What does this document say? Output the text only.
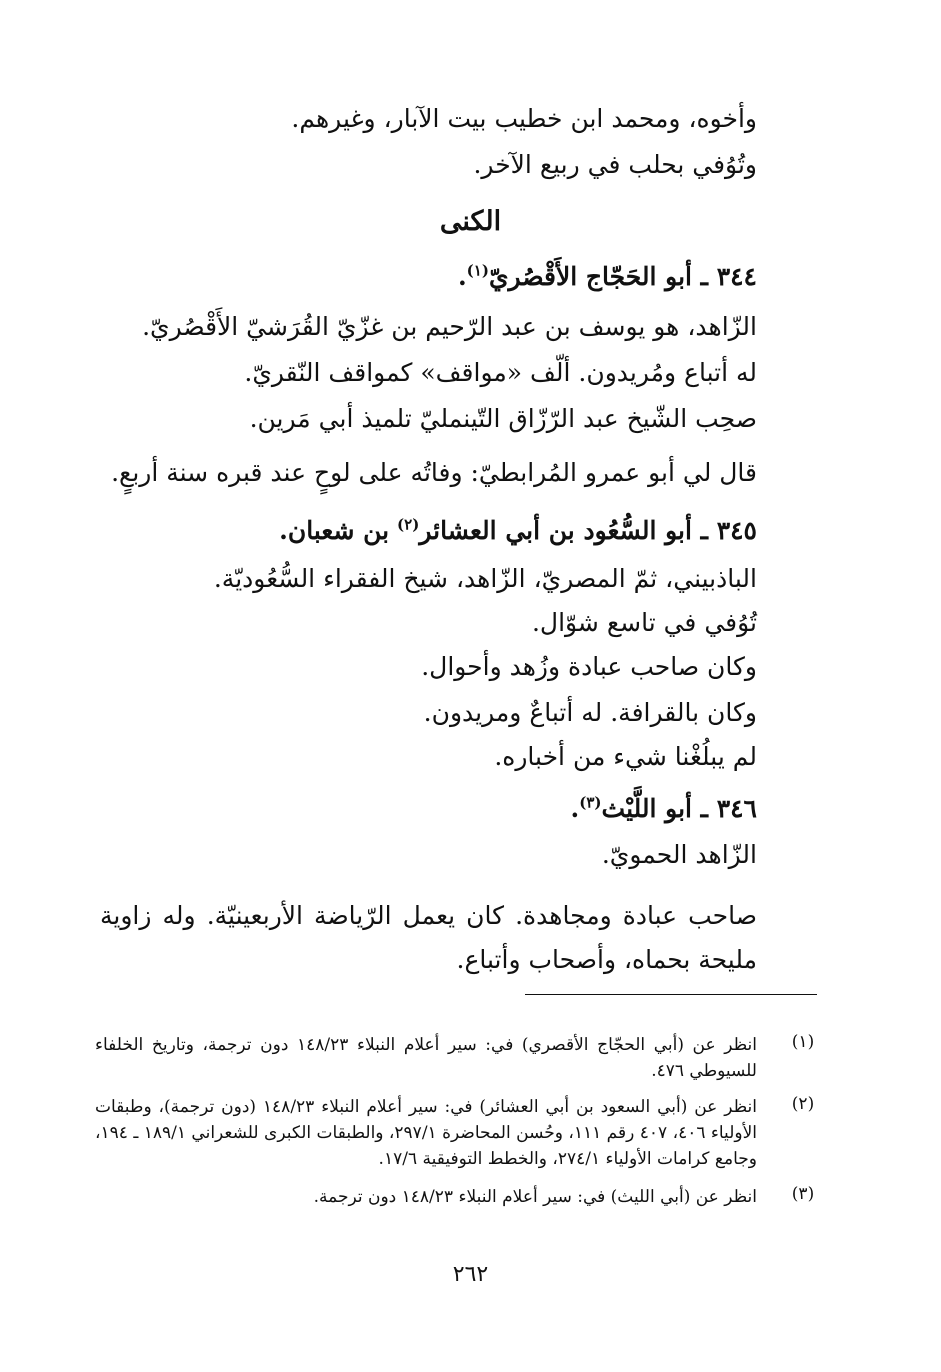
وأخوه، ومحمد ابن خطيب بيت الآبار، وغيرهم.
وتُوُفي بحلب في ربيع الآخر.
الكنى
٣٤٤ ـ أبو الحَجّاج الأَقْصُريّ$^{(١)}$.
الزّاهد، هو يوسف بن عبد الرّحيم بن غزّيّ القُرَشيّ الأَقْصُريّ.
له أتباع ومُريدون. ألّف «مواقف» كمواقف النّقريّ.
صحِب الشّيخ عبد الرّزّاق التّينمليّ تلميذ أبي مَرين.
قال لي أبو عمرو المُرابطيّ: وفاتُه على لوحٍ عند قبره سنة أربعٍ.
٣٤٥ ـ أبو السُّعُود بن أبي العشائر$^{(٢)}$ بن شعبان.
الباذبيني، ثمّ المصريّ، الزّاهد، شيخ الفقراء السُّعُوديّة.
تُوُفي في تاسع شوّال.
وكان صاحب عبادة وزُهد وأحوال.
وكان بالقرافة. له أتباعٌ ومريدون.
لم يبلُغْنا شيء من أخباره.
٣٤٦ ـ أبو اللَّيْث$^{(٣)}$.
الزّاهد الحمويّ.
صاحب عبادة ومجاهدة. كان يعمل الرّياضة الأربعينيّة. وله زاوية مليحة بحماه، وأصحاب وأتباع.
(١)
انظر عن (أبي الحجّاج الأقصري) في: سير أعلام النبلاء ١٤٨/٢٣ دون ترجمة، وتاريخ الخلفاء للسيوطي ٤٧٦.
(٢)
انظر عن (أبي السعود بن أبي العشائر) في: سير أعلام النبلاء ١٤٨/٢٣ (دون ترجمة)، وطبقات الأولياء ٤٠٦، ٤٠٧ رقم ١١١، وحُسن المحاضرة ٢٩٧/١، والطبقات الكبرى للشعراني ١٨٩/١ ـ ١٩٤، وجامع كرامات الأولياء ٢٧٤/١، والخطط التوفيقية ١٧/٦.
(٣)
انظر عن (أبي الليث) في: سير أعلام النبلاء ١٤٨/٢٣ دون ترجمة.
٢٦٢
